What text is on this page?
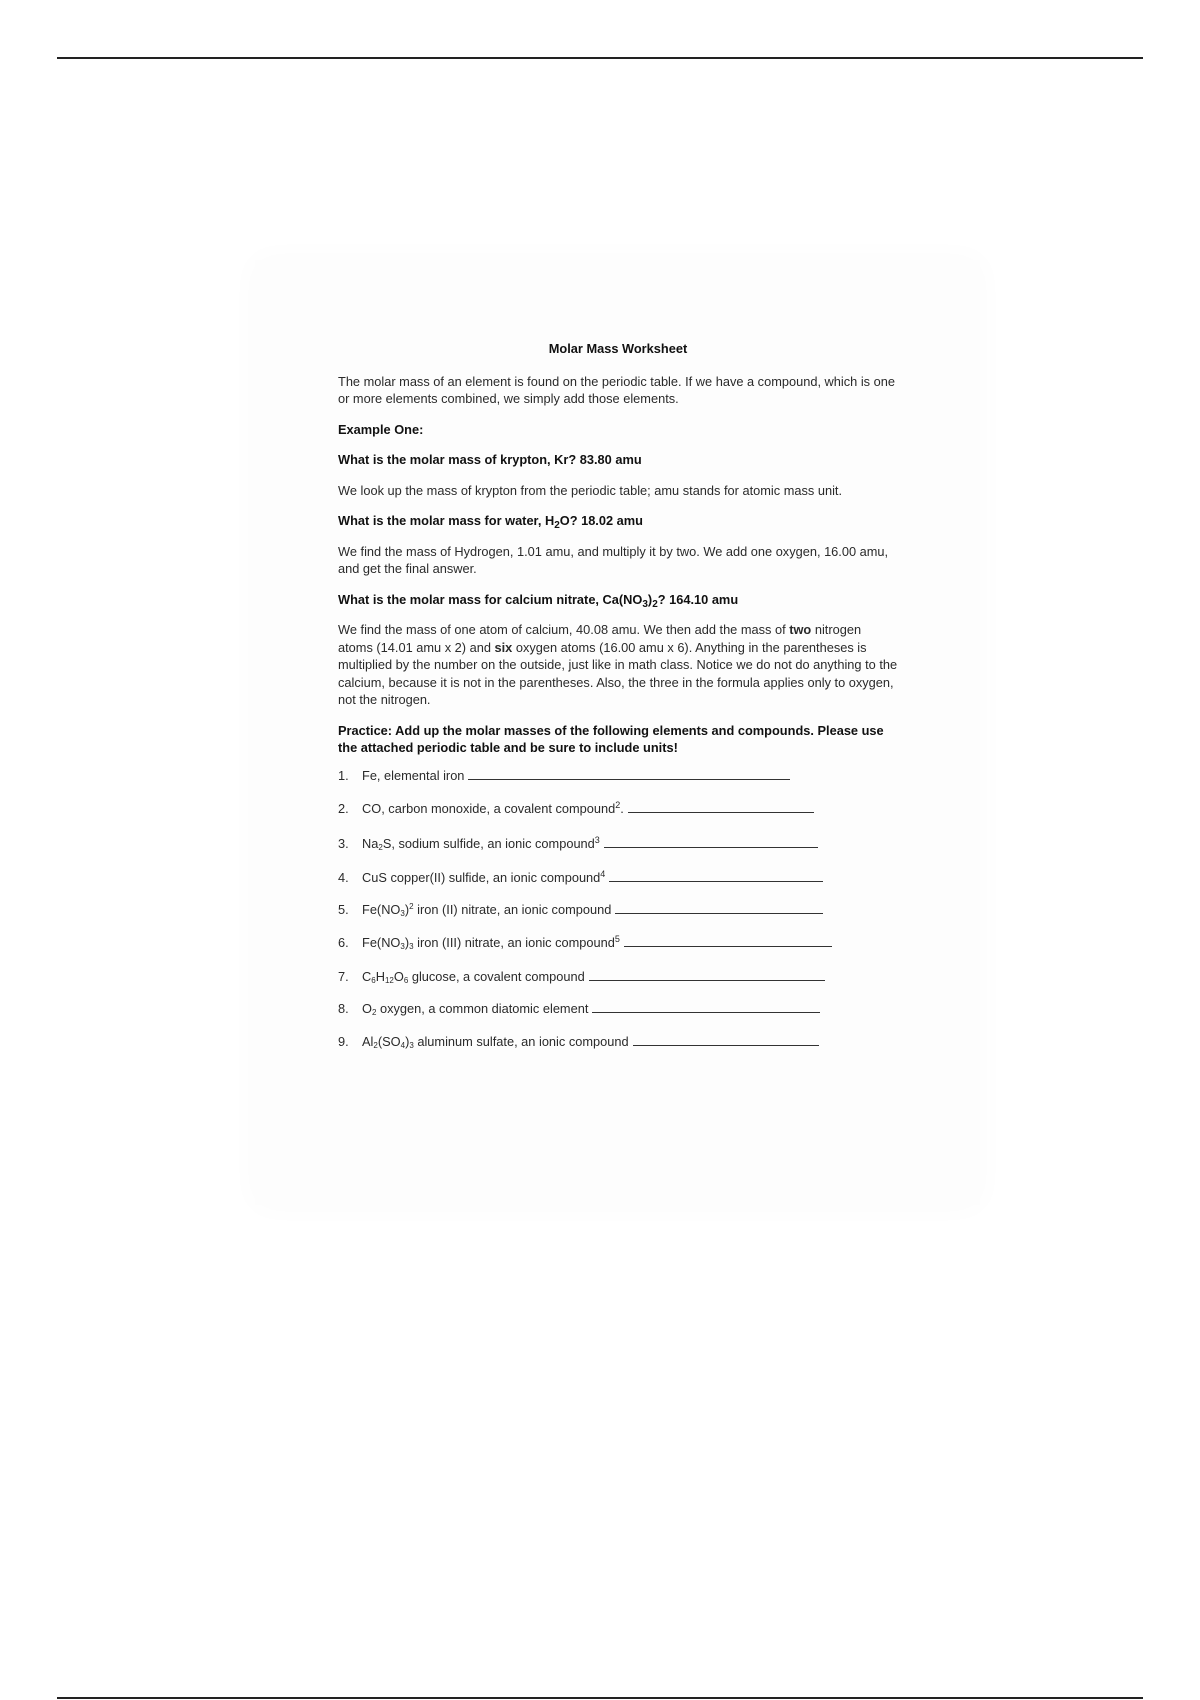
Molar Mass Worksheet

The molar mass of an element is found on the periodic table. If we have a compound, which is one or more elements combined, we simply add those elements.

Example One:

What is the molar mass of krypton, Kr? 83.80 amu

We look up the mass of krypton from the periodic table; amu stands for atomic mass unit.

What is the molar mass for water, $H_2O$? 18.02 amu

We find the mass of Hydrogen, 1.01 amu, and multiply it by two. We add one oxygen, 16.00 amu, and get the final answer.

What is the molar mass for calcium nitrate, $Ca(NO_3)_2$? 164.10 amu

We find the mass of one atom of calcium, 40.08 amu. We then add the mass of two nitrogen atoms (14.01 amu x 2) and six oxygen atoms (16.00 amu x 6). Anything in the parentheses is multiplied by the number on the outside, just like in math class. Notice we do not do anything to the calcium, because it is not in the parentheses. Also, the three in the formula applies only to oxygen, not the nitrogen.

Practice: Add up the molar masses of the following elements and compounds. Please use the attached periodic table and be sure to include units!

1. Fe, elemental iron
2. CO, carbon monoxide, a covalent compound$^2$.
3. $Na_2S$, sodium sulfide, an ionic compound$^3$
4. CuS copper(II) sulfide, an ionic compound$^4$
5. $Fe(NO_3)^2$ iron (II) nitrate, an ionic compound
6. $Fe(NO_3)_3$ iron (III) nitrate, an ionic compound$^5$
7. $C_6H_{12}O_6$ glucose, a covalent compound
8. $O_2$ oxygen, a common diatomic element
9. $Al_2(SO_4)_3$ aluminum sulfate, an ionic compound
